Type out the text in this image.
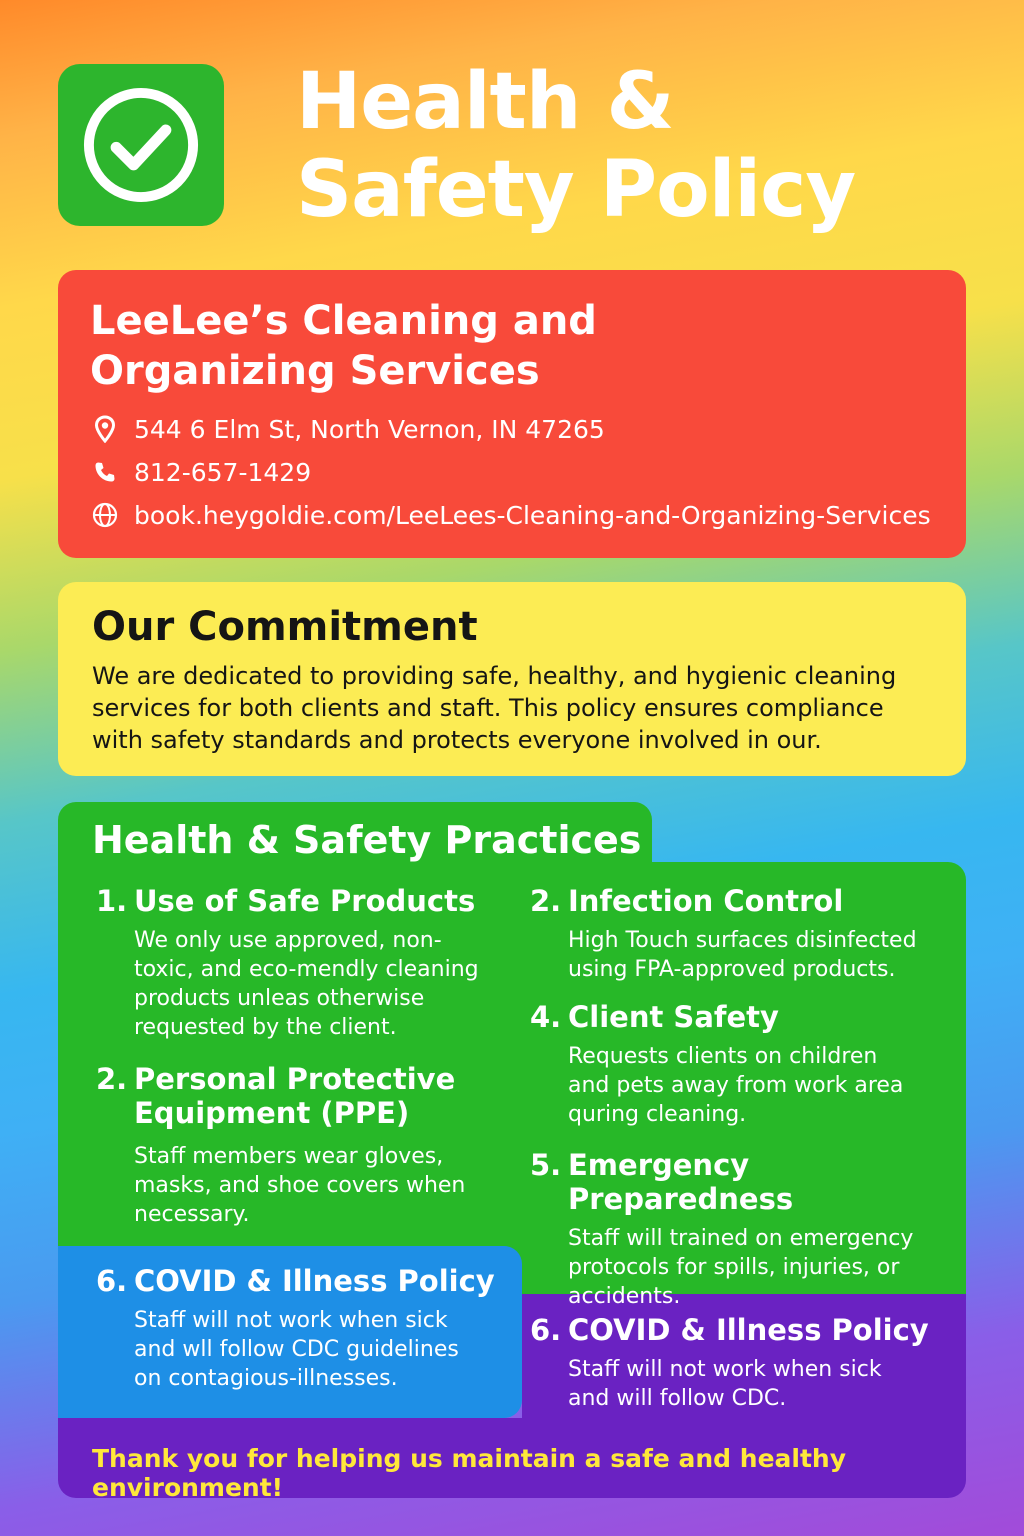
Health &
Safety Policy
LeeLee’s Cleaning and
Organizing Services
544 6 Elm St, North Vernon, IN 47265
812-657-1429
book.heygoldie.com/LeeLees-Cleaning-and-Organizing-Services
Our Commitment

We are dedicated to providing safe, healthy, and hygienic cleaning
services for both clients and staft. This policy ensures compliance
with safety standards and protects everyone involved in our.

Health & Safety Practices
1. Use of Safe Products
We only use approved, non-
toxic, and eco-mendly cleaning
products unleas otherwise
requested by the client.
2. Personal Protective
Equipment (PPE)
Staff members wear gloves,
masks, and shoe covers when
necessary.
6. COVID & Illness Policy
Staff will not work when sick
and wll follow CDC guidelines
on contagious-illnesses.
2. Infection Control
High Touch surfaces disinfected
using FPA-approved products.
4. Client Safety
Requests clients on children
and pets away from work area
quring cleaning.
5. Emergency Preparedness
Staff will trained on emergency
protocols for spills, injuries, or
accidents.
6. COVID & Illness Policy
Staff will not work when sick
and will follow CDC.
Thank you for helping us maintain a safe and healthy environment!
